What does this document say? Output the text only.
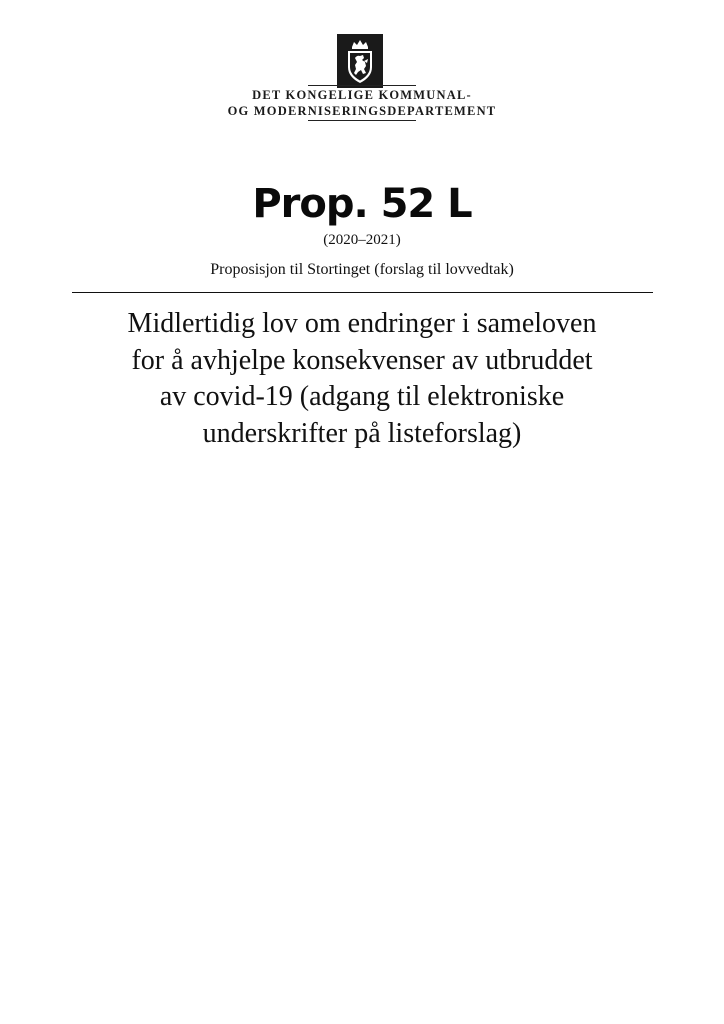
DET KONGELIGE KOMMUNAL-
OG MODERNISERINGSDEPARTEMENT
Prop. 52 L
(2020–2021)
Proposisjon til Stortinget (forslag til lovvedtak)
Midlertidig lov om endringer i sameloven
for å avhjelpe konsekvenser av utbruddet
av covid-19 (adgang til elektroniske
underskrifter på listeforslag)
